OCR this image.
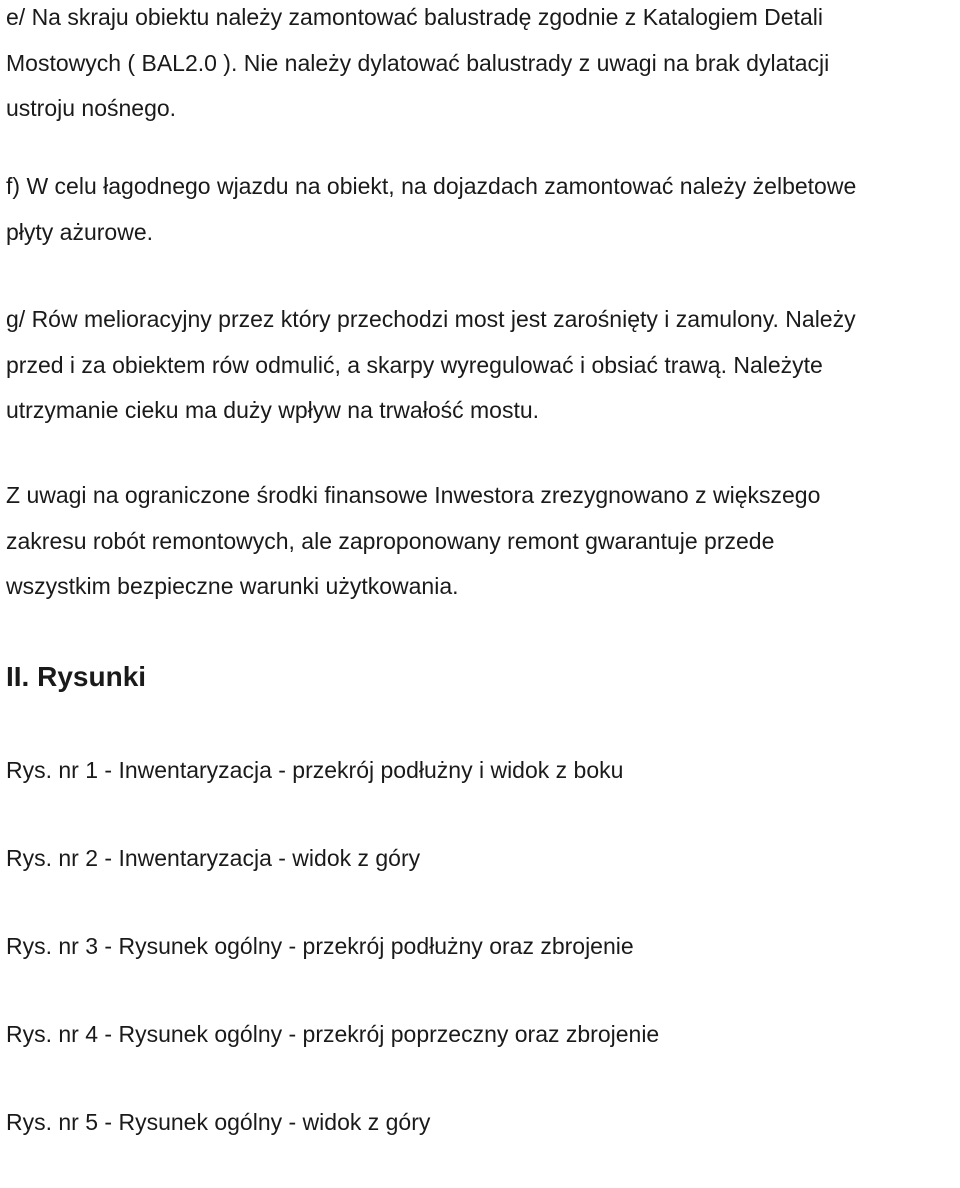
e/ Na skraju obiektu należy zamontować balustradę zgodnie z Katalogiem Detali
Mostowych ( BAL2.0 ). Nie należy dylatować balustrady z uwagi na brak dylatacji
ustroju nośnego.

f) W celu łagodnego wjazdu na obiekt, na dojazdach zamontować należy żelbetowe
płyty ażurowe.

g/ Rów melioracyjny przez który przechodzi most jest zarośnięty i zamulony. Należy
przed i za obiektem rów odmulić, a skarpy wyregulować i obsiać trawą. Należyte
utrzymanie cieku ma duży wpływ na trwałość mostu.

Z uwagi na ograniczone środki finansowe Inwestora zrezygnowano z większego
zakresu robót remontowych, ale zaproponowany remont gwarantuje przede
wszystkim bezpieczne warunki użytkowania.

II. Rysunki
Rys. nr 1 - Inwentaryzacja - przekrój podłużny i widok z boku
Rys. nr 2 - Inwentaryzacja - widok z góry
Rys. nr 3 - Rysunek ogólny - przekrój podłużny oraz zbrojenie
Rys. nr 4 - Rysunek ogólny - przekrój poprzeczny oraz zbrojenie
Rys. nr 5 - Rysunek ogólny - widok z góry
